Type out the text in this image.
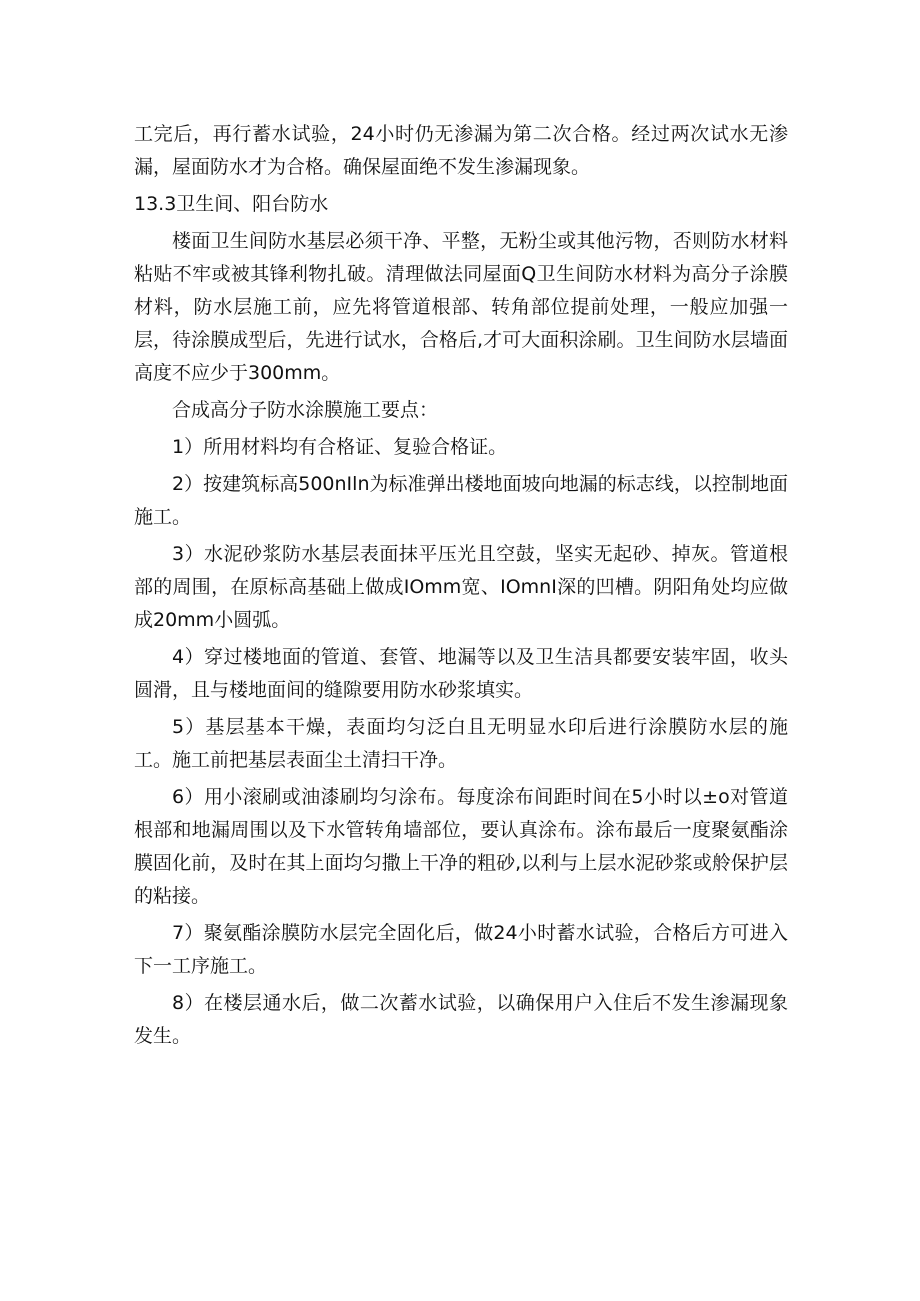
工完后，再行蓄水试验，24小时仍无渗漏为第二次合格。经过两次试水无渗漏，屋面防水才为合格。确保屋面绝不发生渗漏现象。

13.3卫生间、阳台防水

楼面卫生间防水基层必须干净、平整，无粉尘或其他污物，否则防水材料粘贴不牢或被其锋利物扎破。清理做法同屋面Q卫生间防水材料为高分子涂膜材料，防水层施工前，应先将管道根部、转角部位提前处理，一般应加强一层，待涂膜成型后，先进行试水，合格后,才可大面积涂刷。卫生间防水层墙面高度不应少于300mm。

合成高分子防水涂膜施工要点：

1）所用材料均有合格证、复验合格证。

2）按建筑标高500nIln为标准弹出楼地面坡向地漏的标志线，以控制地面施工。

3）水泥砂浆防水基层表面抹平压光且空鼓，坚实无起砂、掉灰。管道根部的周围，在原标高基础上做成IOmm宽、IOmnI深的凹槽。阴阳角处均应做成20mm小圆弧。

4）穿过楼地面的管道、套管、地漏等以及卫生洁具都要安装牢固，收头圆滑，且与楼地面间的缝隙要用防水砂浆填实。

5）基层基本干燥，表面均匀泛白且无明显水印后进行涂膜防水层的施工。施工前把基层表面尘土清扫干净。

6）用小滚刷或油漆刷均匀涂布。每度涂布间距时间在5小时以±o对管道根部和地漏周围以及下水管转角墙部位，要认真涂布。涂布最后一度聚氨酯涂膜固化前，及时在其上面均匀撒上干净的粗砂,以利与上层水泥砂浆或舲保护层的粘接。

7）聚氨酯涂膜防水层完全固化后，做24小时蓄水试验，合格后方可进入下一工序施工。

8）在楼层通水后，做二次蓄水试验，以确保用户入住后不发生渗漏现象发生。
